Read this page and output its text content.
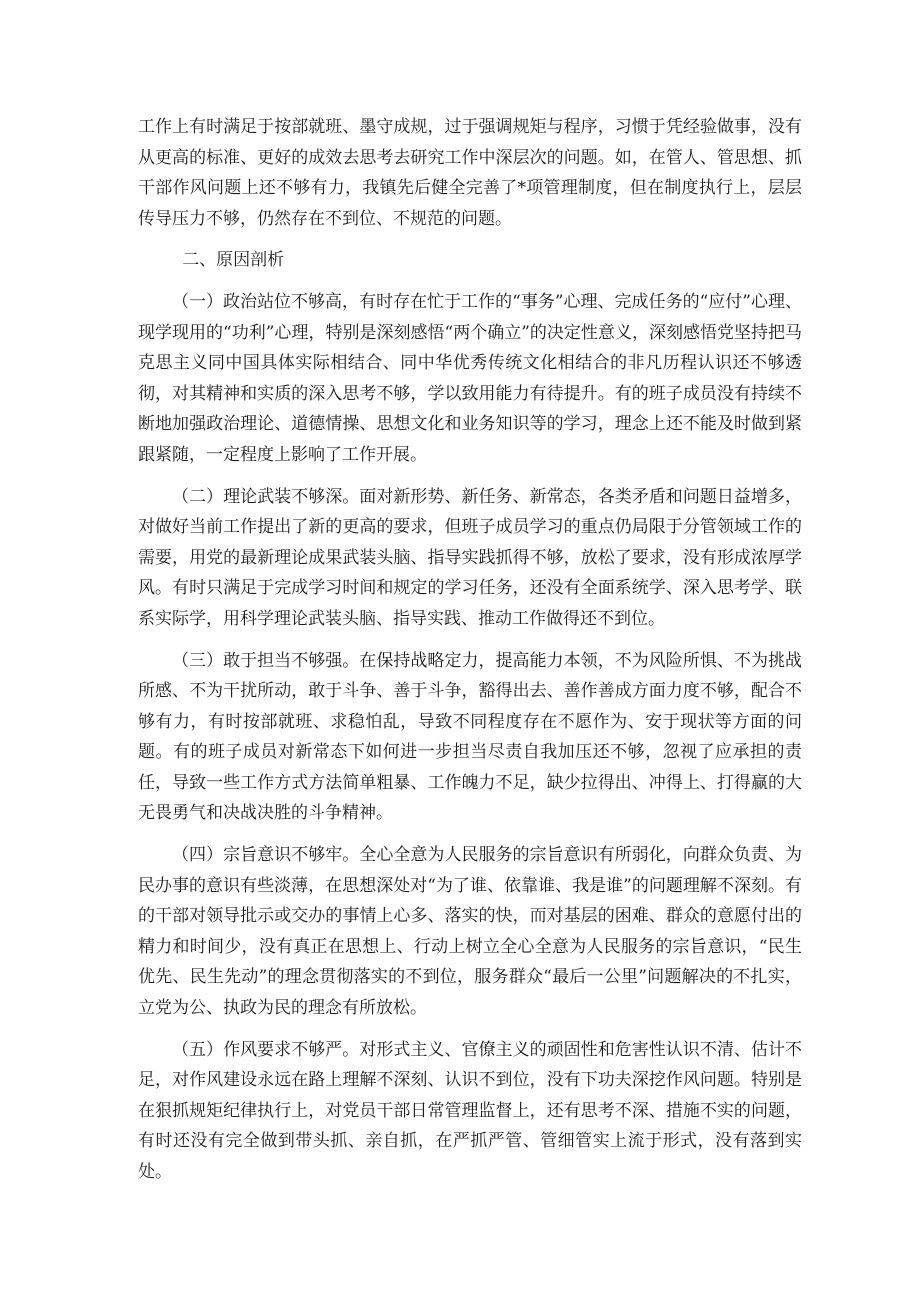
工作上有时满足于按部就班、墨守成规，过于强调规矩与程序，习惯于凭经验做事，没有从更高的标准、更好的成效去思考去研究工作中深层次的问题。如，在管人、管思想、抓干部作风问题上还不够有力，我镇先后健全完善了*项管理制度，但在制度执行上，层层传导压力不够，仍然存在不到位、不规范的问题。

二、原因剖析

（一）政治站位不够高，有时存在忙于工作的“事务”心理、完成任务的“应付”心理、现学现用的“功利”心理，特别是深刻感悟“两个确立”的决定性意义，深刻感悟党坚持把马克思主义同中国具体实际相结合、同中华优秀传统文化相结合的非凡历程认识还不够透彻，对其精神和实质的深入思考不够，学以致用能力有待提升。有的班子成员没有持续不断地加强政治理论、道德情操、思想文化和业务知识等的学习，理念上还不能及时做到紧跟紧随，一定程度上影响了工作开展。

（二）理论武装不够深。面对新形势、新任务、新常态，各类矛盾和问题日益增多，对做好当前工作提出了新的更高的要求，但班子成员学习的重点仍局限于分管领域工作的需要，用党的最新理论成果武装头脑、指导实践抓得不够，放松了要求，没有形成浓厚学风。有时只满足于完成学习时间和规定的学习任务，还没有全面系统学、深入思考学、联系实际学，用科学理论武装头脑、指导实践、推动工作做得还不到位。

（三）敢于担当不够强。在保持战略定力，提高能力本领，不为风险所惧、不为挑战所感、不为干扰所动，敢于斗争、善于斗争，豁得出去、善作善成方面力度不够，配合不够有力，有时按部就班、求稳怕乱，导致不同程度存在不愿作为、安于现状等方面的问题。有的班子成员对新常态下如何进一步担当尽责自我加压还不够，忽视了应承担的责任，导致一些工作方式方法简单粗暴、工作魄力不足，缺少拉得出、冲得上、打得赢的大无畏勇气和决战决胜的斗争精神。

（四）宗旨意识不够牢。全心全意为人民服务的宗旨意识有所弱化，向群众负责、为民办事的意识有些淡薄，在思想深处对“为了谁、依靠谁、我是谁”的问题理解不深刻。有的干部对领导批示或交办的事情上心多、落实的快，而对基层的困难、群众的意愿付出的精力和时间少，没有真正在思想上、行动上树立全心全意为人民服务的宗旨意识，“民生优先、民生先动”的理念贯彻落实的不到位，服务群众“最后一公里”问题解决的不扎实，立党为公、执政为民的理念有所放松。

（五）作风要求不够严。对形式主义、官僚主义的顽固性和危害性认识不清、估计不足，对作风建设永远在路上理解不深刻、认识不到位，没有下功夫深挖作风问题。特别是在狠抓规矩纪律执行上，对党员干部日常管理监督上，还有思考不深、措施不实的问题，有时还没有完全做到带头抓、亲自抓，在严抓严管、管细管实上流于形式，没有落到实处。
